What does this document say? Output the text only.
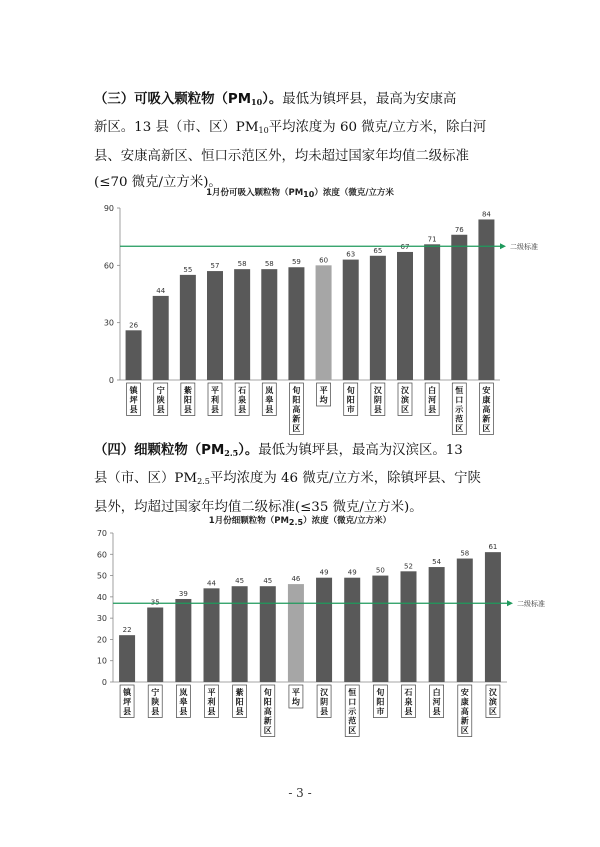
（三）可吸入颗粒物$(PM_{10})$。最低为镇坪县，最高为安康高
新区。13 县（市、区）$PM_{10}$平均浓度为 60 微克/立方米，除白河
县、安康高新区、恒口示范区外，均未超过国家年均值二级标准
(≤70 微克/立方米)。
1月份可吸入颗粒物$(PM_{10})$浓度（微克/立方米
0
30
60
90
26
镇
坪
县
44
宁
陕
县
55
紫
阳
县
57
平
利
县
58
石
泉
县
58
岚
皋
县
59
旬
阳
高
新
区
60
平
均
63
旬
阳
市
65
汉
阴
县
67
汉
滨
区
71
白
河
县
76
恒
口
示
范
区
84
安
康
高
新
区
二级标准
（四）细颗粒物$(PM_{2.5})$。最低为镇坪县，最高为汉滨区。13
县（市、区）$PM_{2.5}$平均浓度为 46 微克/立方米，除镇坪县、宁陕
县外，均超过国家年均值二级标准(≤35 微克/立方米)。
1月份细颗粒物$(PM_{2.5})$浓度（微克/立方米）
0
10
20
30
40
50
60
70
22
镇
坪
县
35
宁
陕
县
39
岚
皋
县
44
平
利
县
45
紫
阳
县
45
旬
阳
高
新
区
46
平
均
49
汉
阴
县
49
恒
口
示
范
区
50
旬
阳
市
52
石
泉
县
54
白
河
县
58
安
康
高
新
区
61
汉
滨
区
二级标准
- 3 -
